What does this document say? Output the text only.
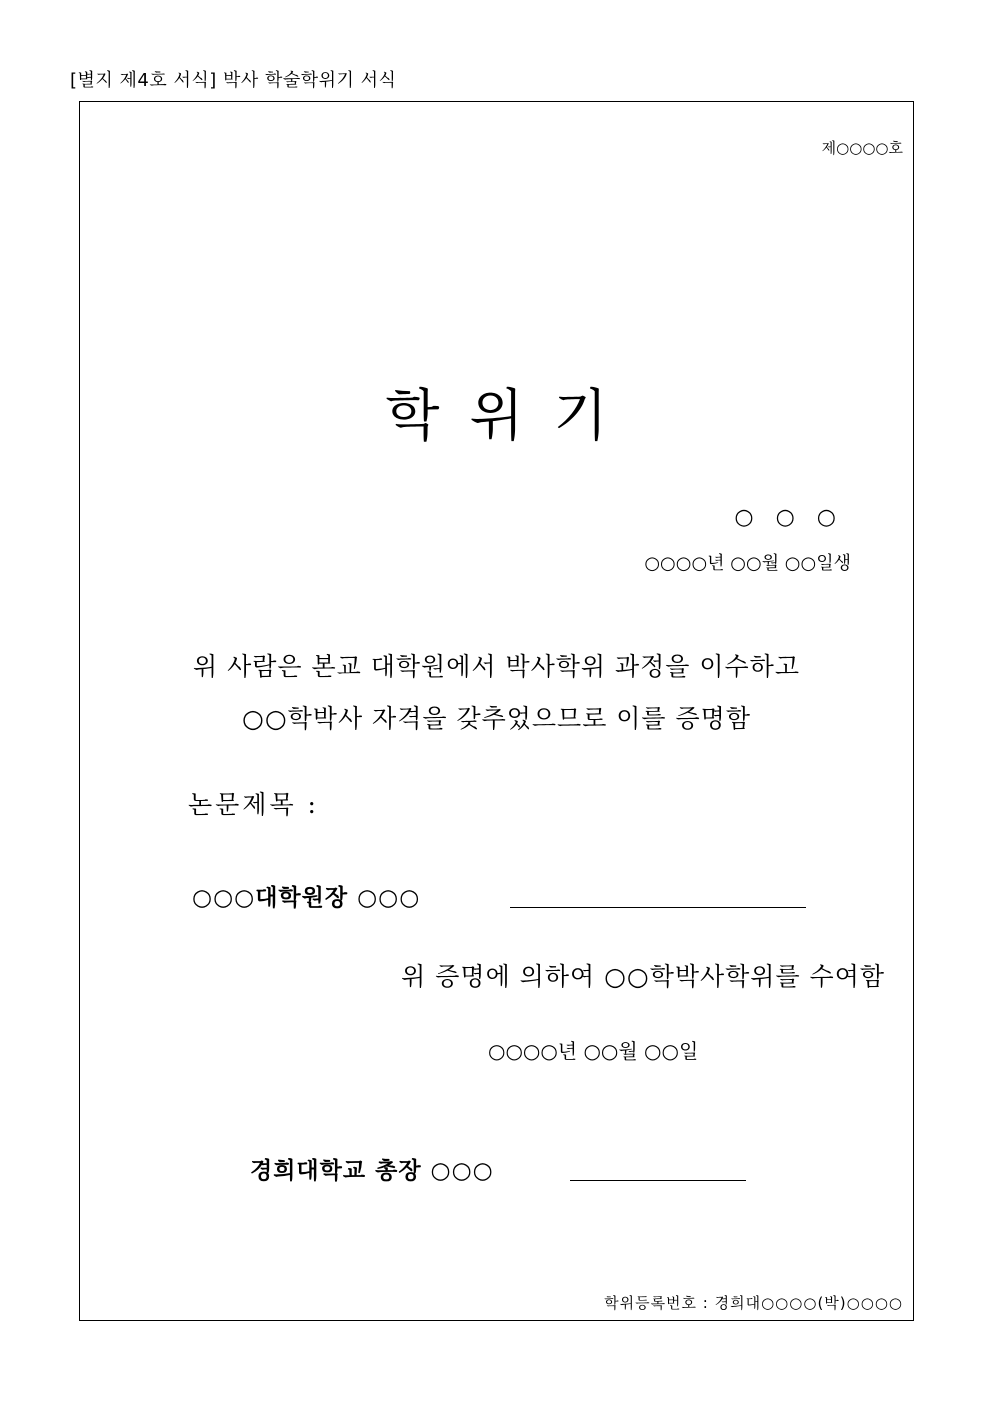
[별지 제4호 서식] 박사 학술학위기 서식
제○○○○호
학위기
○○○
○○○○년 ○○월 ○○일생
위 사람은 본교 대학원에서 박사학위 과정을 이수하고
○○학박사 자격을 갖추었으므로 이를 증명함
논문제목 :
○○○대학원장 ○○○
위 증명에 의하여 ○○학박사학위를 수여함
○○○○년 ○○월 ○○일
경희대학교 총장 ○○○
학위등록번호 : 경희대○○○○(박)○○○○
